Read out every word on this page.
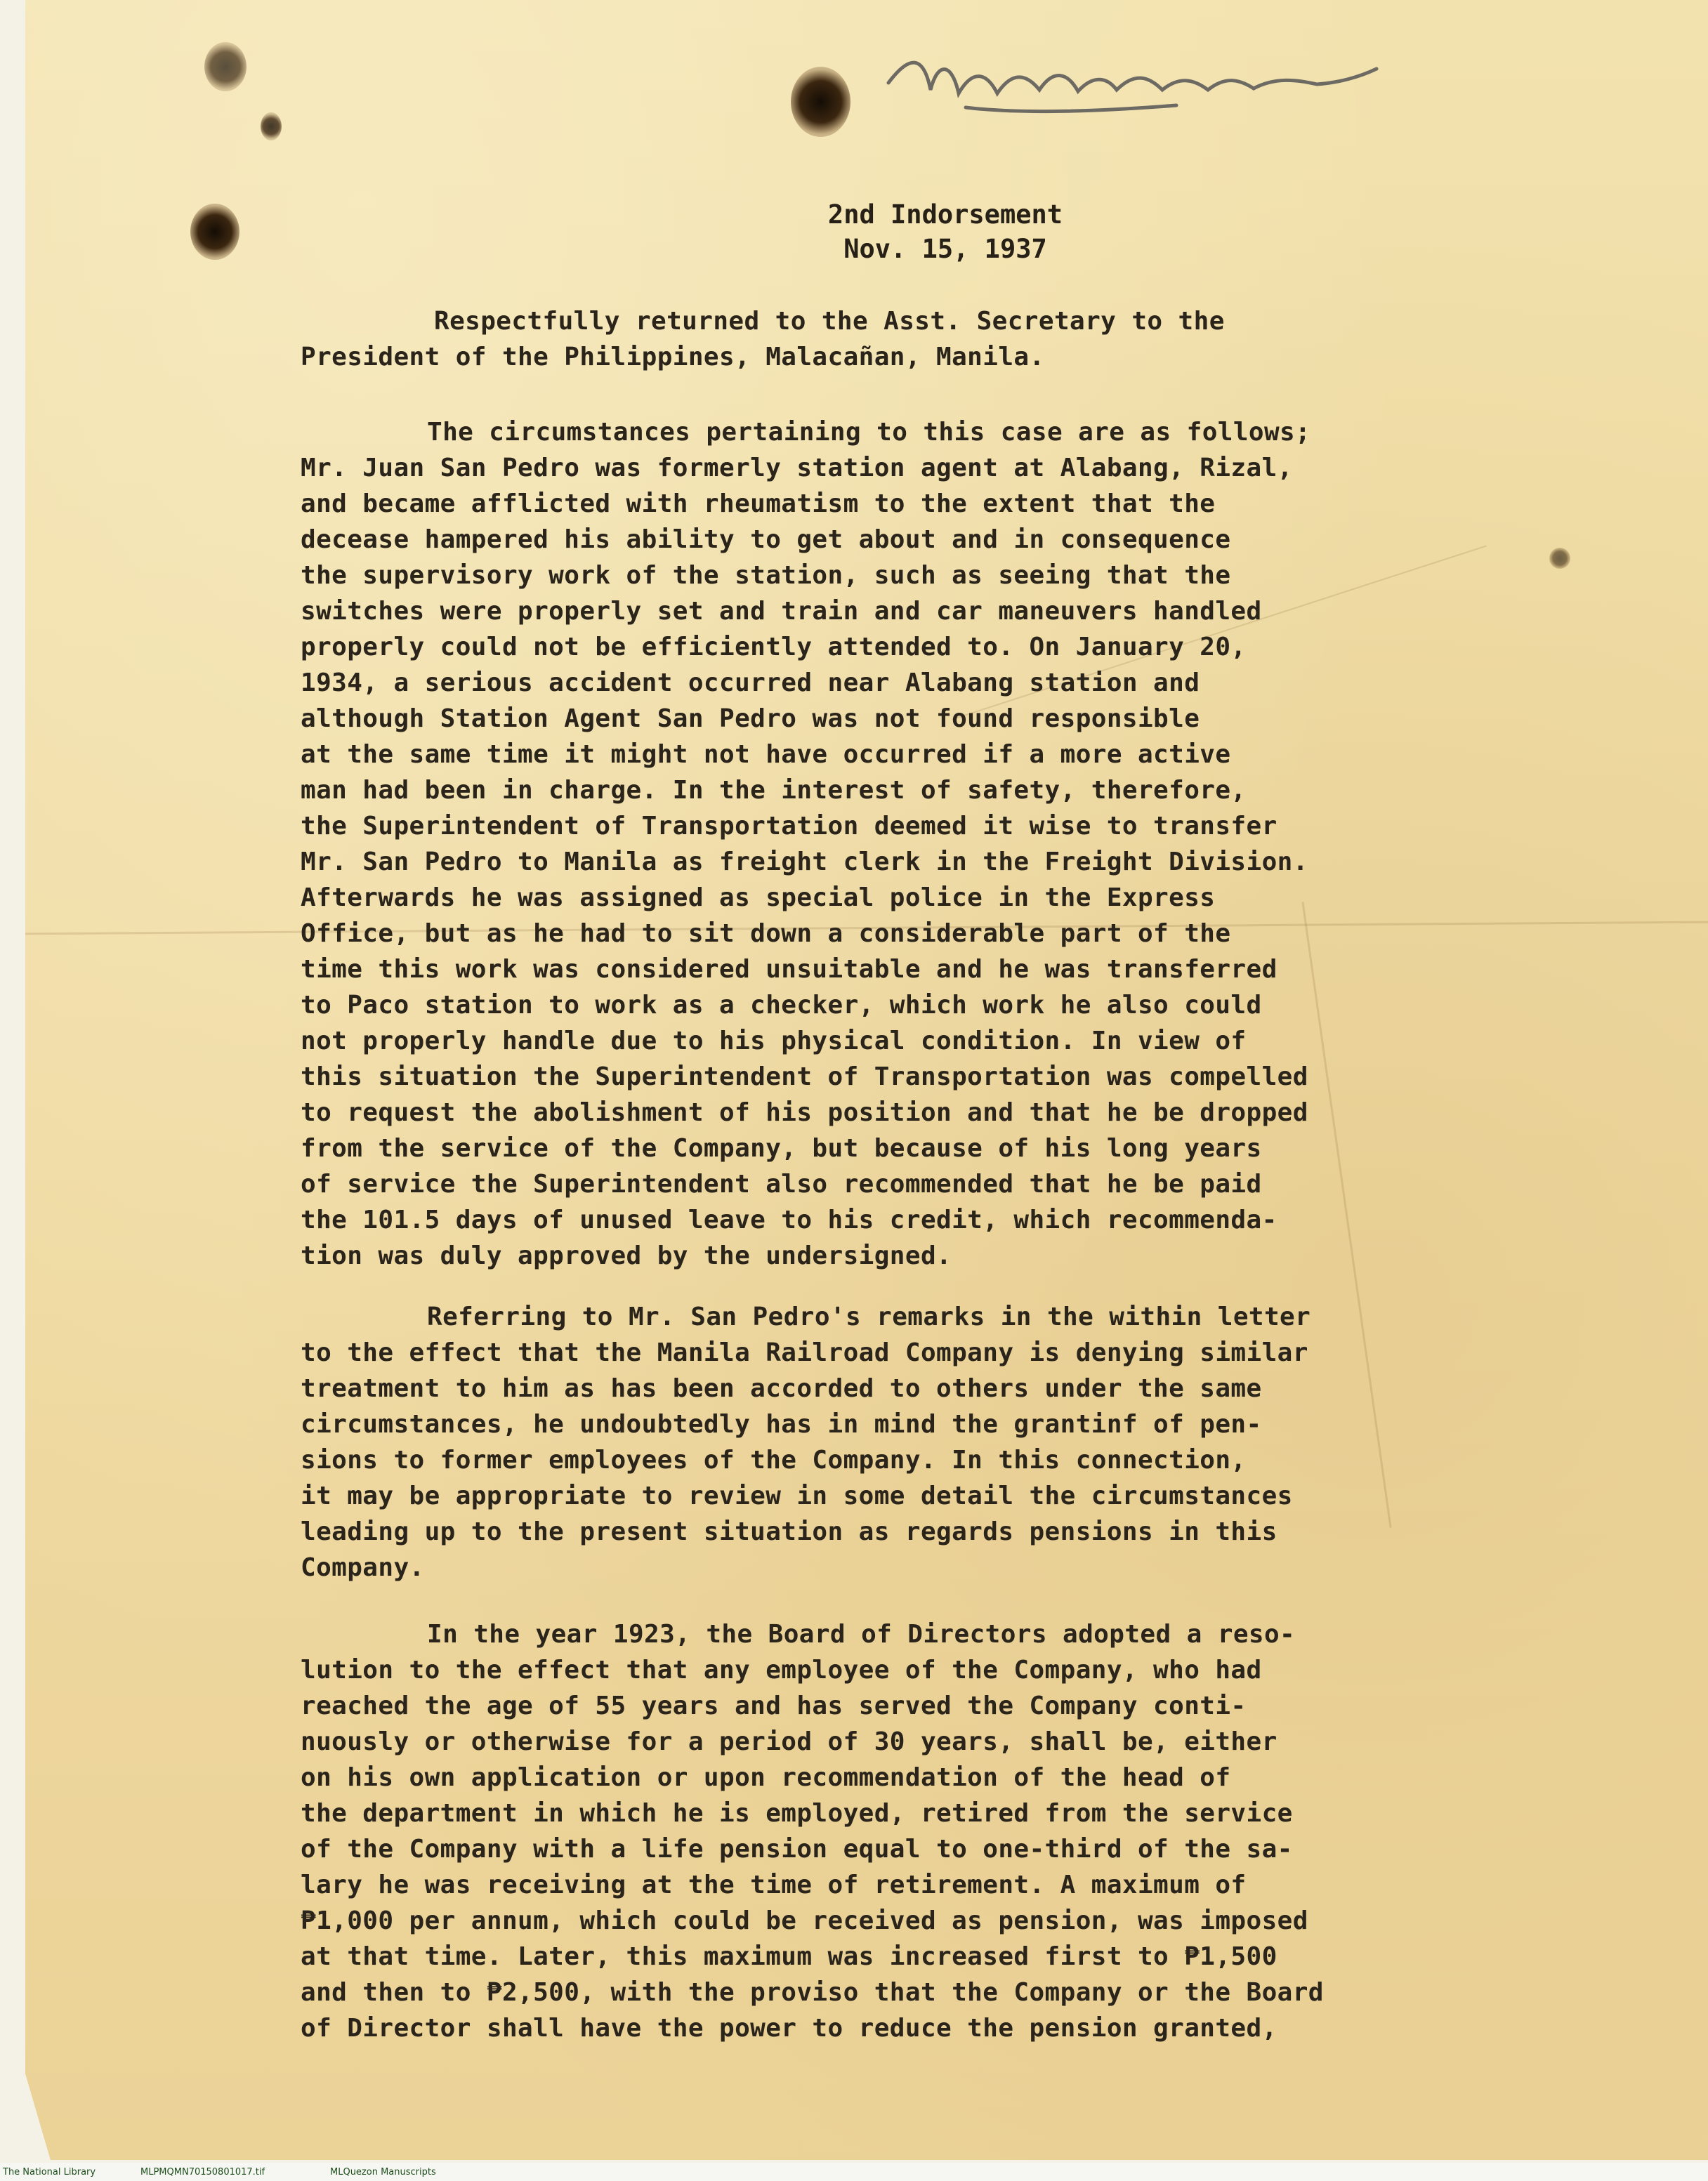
2nd Indorsement
Nov. 15, 1937
Respectfully returned to the Asst. Secretary to the
President of the Philippines, Malacañan, Manila.
The circumstances pertaining to this case are as follows;
Mr. Juan San Pedro was formerly station agent at Alabang, Rizal,
and became afflicted with rheumatism to the extent that the
decease hampered his ability to get about and in consequence
the supervisory work of the station, such as seeing that the
switches were properly set and train and car maneuvers handled
properly could not be efficiently attended to. On January 20,
1934, a serious accident occurred near Alabang station and
although Station Agent San Pedro was not found responsible
at the same time it might not have occurred if a more active
man had been in charge. In the interest of safety, therefore,
the Superintendent of Transportation deemed it wise to transfer
Mr. San Pedro to Manila as freight clerk in the Freight Division.
Afterwards he was assigned as special police in the Express
Office, but as he had to sit down a considerable part of the
time this work was considered unsuitable and he was transferred
to Paco station to work as a checker, which work he also could
not properly handle due to his physical condition. In view of
this situation the Superintendent of Transportation was compelled
to request the abolishment of his position and that he be dropped
from the service of the Company, but because of his long years
of service the Superintendent also recommended that he be paid
the 101.5 days of unused leave to his credit, which recommenda-
tion was duly approved by the undersigned.
Referring to Mr. San Pedro's remarks in the within letter
to the effect that the Manila Railroad Company is denying similar
treatment to him as has been accorded to others under the same
circumstances, he undoubtedly has in mind the grantinf of pen-
sions to former employees of the Company. In this connection,
it may be appropriate to review in some detail the circumstances
leading up to the present situation as regards pensions in this
Company.
In the year 1923, the Board of Directors adopted a reso-
lution to the effect that any employee of the Company, who had
reached the age of 55 years and has served the Company conti-
nuously or otherwise for a period of 30 years, shall be, either
on his own application or upon recommendation of the head of
the department in which he is employed, retired from the service
of the Company with a life pension equal to one-third of the sa-
lary he was receiving at the time of retirement. A maximum of
₱1,000 per annum, which could be received as pension, was imposed
at that time. Later, this maximum was increased first to ₱1,500
and then to ₱2,500, with the proviso that the Company or the Board
of Director shall have the power to reduce the pension granted,
The National Library	MLPMQMN70150801017.tif	MLQuezon Manuscripts
